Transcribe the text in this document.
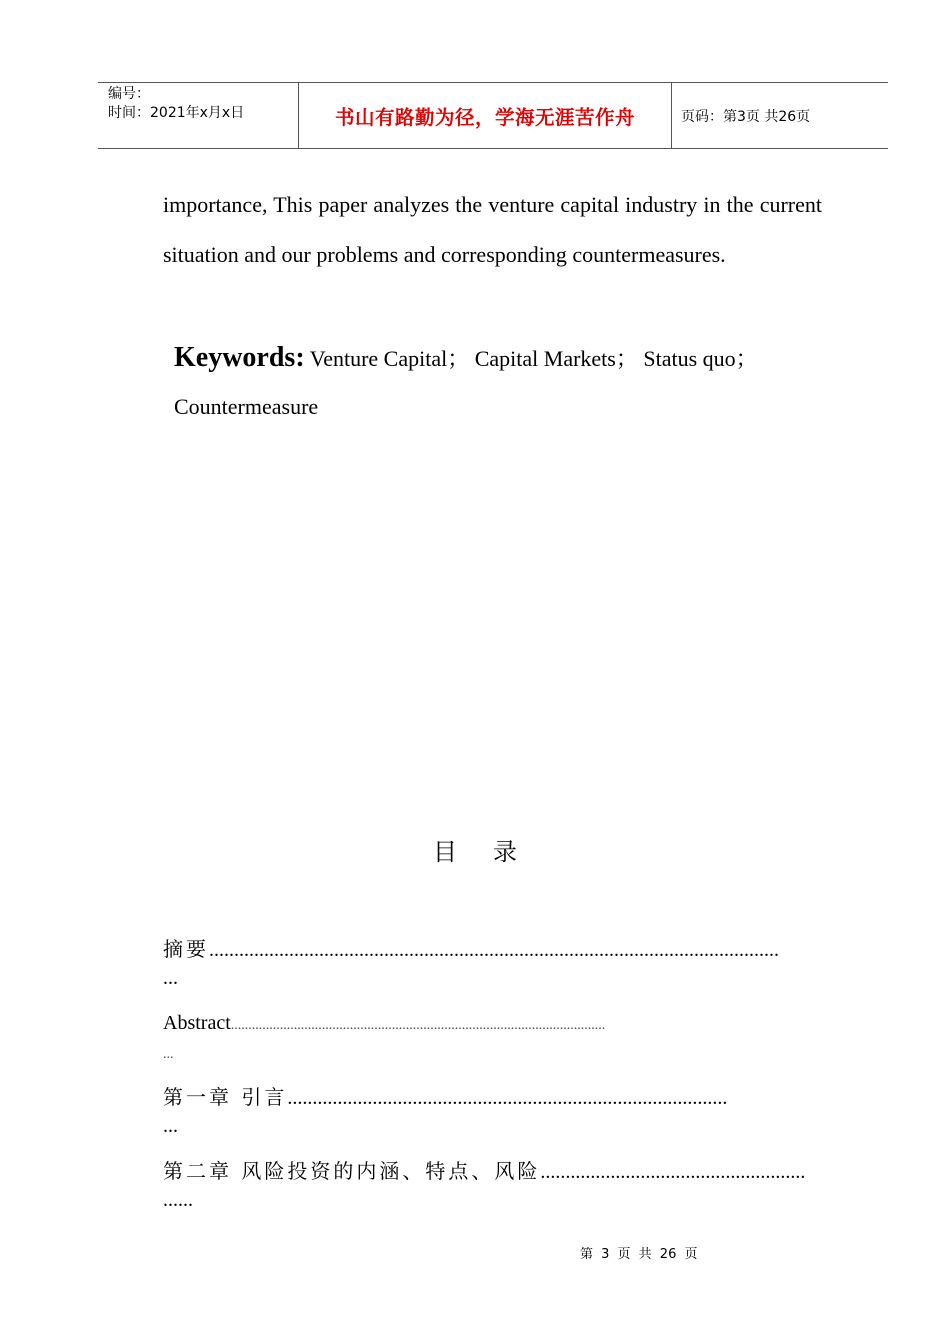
编号：
时间：2021年x月x日	书山有路勤为径，学海无涯苦作舟	页码：第3页 共26页
importance, This paper analyzes the venture capital industry in the current situation and our problems and corresponding countermeasures.
Keywords: Venture Capital； Capital Markets； Status quo； Countermeasure
目 录
摘要..................................................................................................................
...
Abstract...........................................................................................................
...
第一章 引言........................................................................................
...
第二章 风险投资的内涵、特点、风险.....................................................
......
第 3 页 共 26 页
